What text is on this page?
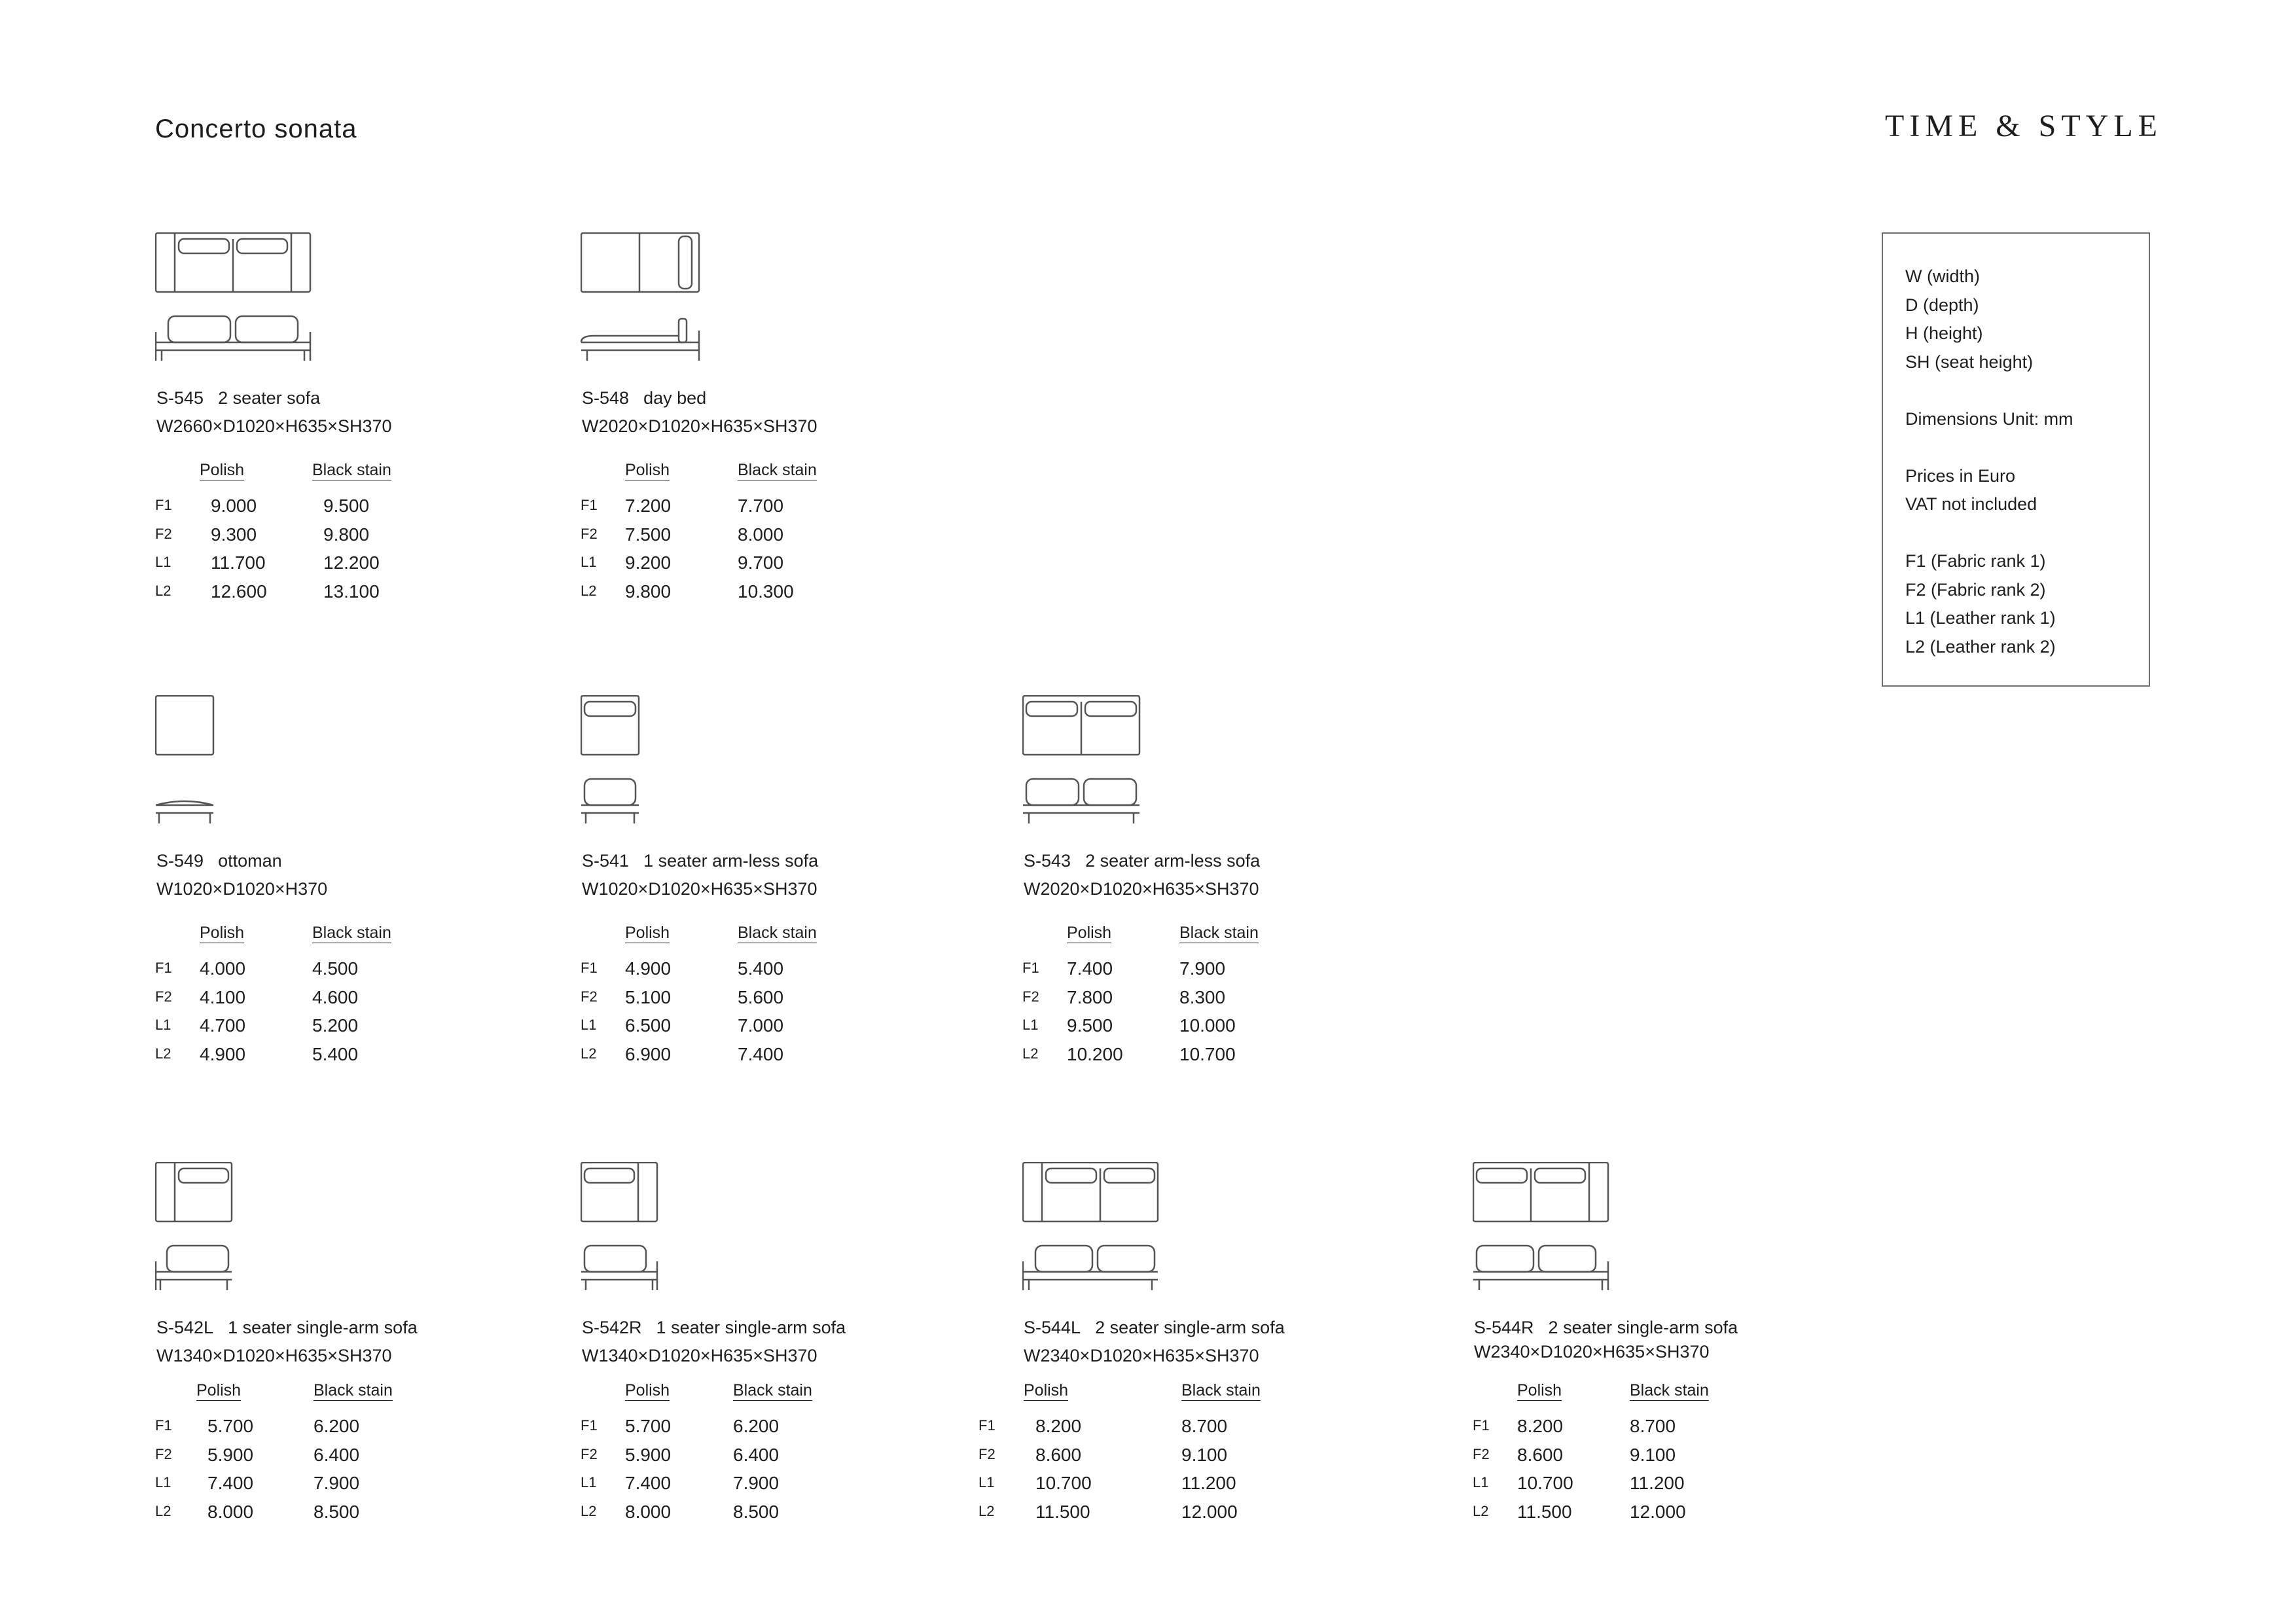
Concerto sonata	TIME & STYLE
W (width)
D (depth)
H (height)
SH (seat height)
Dimensions Unit: mm
Prices in Euro
VAT not included
F1 (Fabric rank 1)
F2 (Fabric rank 2)
L1 (Leather rank 1)
L2 (Leather rank 2)
S-545 2 seater sofa
W2660×D1020×H635×SH370
Polish	Black stain
F1 9.000	9.500
F2 9.300	9.800
L1 11.700	12.200
L2 12.600	13.100
S-548 day bed
W2020×D1020×H635×SH370
Polish	Black stain
F1 7.200	7.700
F2 7.500	8.000
L1 9.200	9.700
L2 9.800	10.300
S-549 ottoman
W1020×D1020×H370
Polish	Black stain
F1 4.000	4.500
F2 4.100	4.600
L1 4.700	5.200
L2 4.900	5.400
S-541 1 seater arm-less sofa
W1020×D1020×H635×SH370
Polish	Black stain
F1 4.900	5.400
F2 5.100	5.600
L1 6.500	7.000
L2 6.900	7.400
S-543 2 seater arm-less sofa
W2020×D1020×H635×SH370
Polish	Black stain
F1 7.400	7.900
F2 7.800	8.300
L1 9.500	10.000
L2 10.200	10.700
S-542L 1 seater single-arm sofa
W1340×D1020×H635×SH370
Polish	Black stain
F1 5.700	6.200
F2 5.900	6.400
L1 7.400	7.900
L2 8.000	8.500
S-542R 1 seater single-arm sofa
W1340×D1020×H635×SH370
Polish	Black stain
F1 5.700	6.200
F2 5.900	6.400
L1 7.400	7.900
L2 8.000	8.500
S-544L 2 seater single-arm sofa
W2340×D1020×H635×SH370
Polish	Black stain
F1 8.200	8.700
F2 8.600	9.100
L1 10.700	11.200
L2 11.500	12.000
S-544R 2 seater single-arm sofa
W2340×D1020×H635×SH370
Polish	Black stain
F1 8.200	8.700
F2 8.600	9.100
L1 10.700	11.200
L2 11.500	12.000
